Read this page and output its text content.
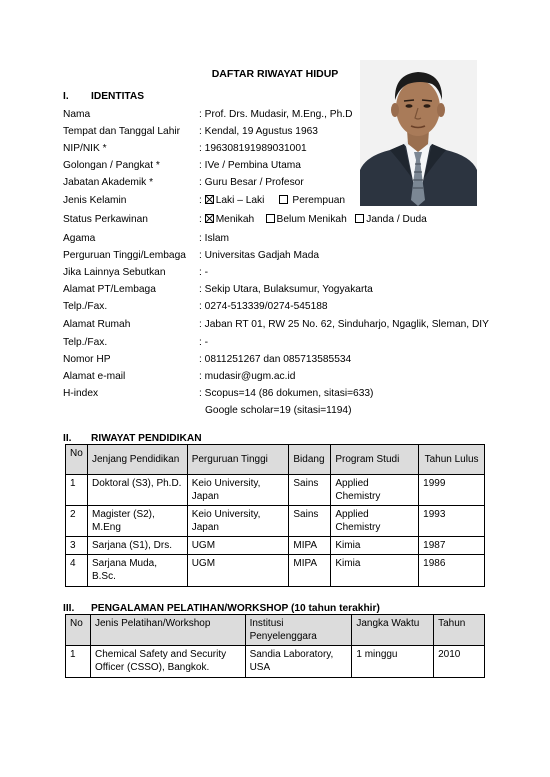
DAFTAR RIWAYAT HIDUP
I. IDENTITAS
Nama	: Prof. Drs. Mudasir, M.Eng., Ph.D
Tempat dan Tanggal Lahir	: Kendal, 19 Agustus 1963
NIP/NIK *	: 196308191989031001
Golongan / Pangkat *	: IVe / Pembina Utama
Jabatan Akademik *	: Guru Besar / Profesor
Jenis Kelamin	: Laki – Laki	Perempuan
Status Perkawinan	: Menikah Belum Menikah Janda / Duda
Agama	: Islam
Perguruan Tinggi/Lembaga	: Universitas Gadjah Mada
Jika Lainnya Sebutkan	: -
Alamat PT/Lembaga	: Sekip Utara, Bulaksumur, Yogyakarta
Telp./Fax.	: 0274-513339/0274-545188
Alamat Rumah	: Jaban RT 01, RW 25 No. 62, Sinduharjo, Ngaglik, Sleman, DIY
Telp./Fax.	: -
Nomor HP	: 0811251267 dan 085713585534
Alamat e-mail	: mudasir@ugm.ac.id
H-index	: Scopus=14 (86 dokumen, sitasi=633)
Google scholar=19 (sitasi=1194)
II. RIWAYAT PENDIDIKAN
No	Jenjang Pendidikan	Perguruan Tinggi	Bidang	Program Studi	Tahun Lulus
1	Doktoral (S3), Ph.D.	Keio University, Japan	Sains	Applied Chemistry	1999
2	Magister (S2), M.Eng	Keio University, Japan	Sains	Applied Chemistry	1993
3	Sarjana (S1), Drs.	UGM	MIPA	Kimia	1987
4	Sarjana Muda, B.Sc.	UGM	MIPA	Kimia	1986
III. PENGALAMAN PELATIHAN/WORKSHOP (10 tahun terakhir)
No	Jenis Pelatihan/Workshop	Institusi Penyelenggara	Jangka Waktu	Tahun
1	Chemical Safety and Security Officer (CSSO), Bangkok.	Sandia Laboratory, USA	1 minggu	2010
